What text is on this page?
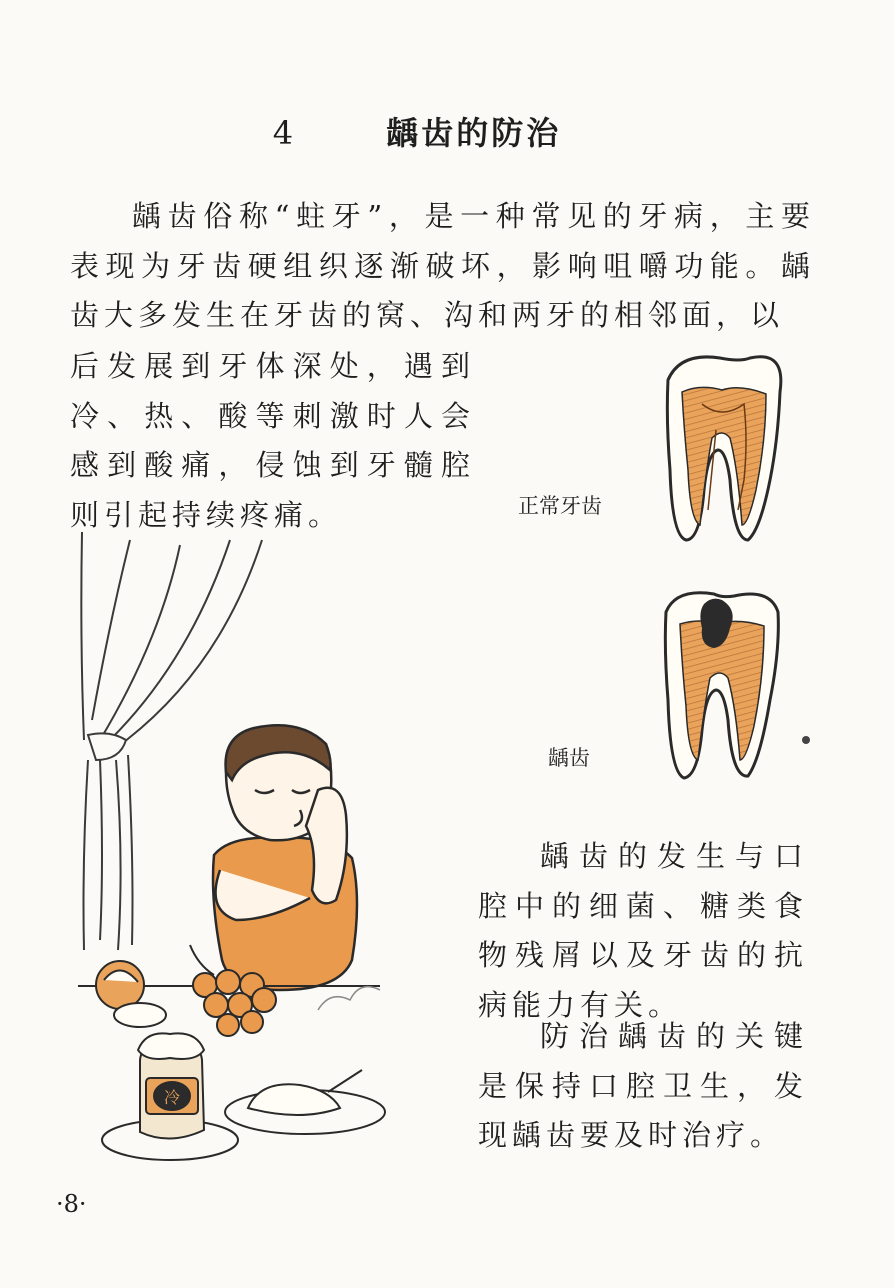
冷
4	龋齿的防治

龋齿俗称“蛀牙”，是一种常见的牙病，主要表现为牙齿硬组织逐渐破坏，影响咀嚼功能。龋齿大多发生在牙齿的窝、沟和两牙的相邻面，以

后发展到牙体深处，遇到冷、热、酸等刺激时人会感到酸痛，侵蚀到牙髓腔则引起持续疼痛。	正常牙齿
龋齿

龋齿的发生与口腔中的细菌、糖类食物残屑以及牙齿的抗病能力有关。

防治龋齿的关键是保持口腔卫生，发现龋齿要及时治疗。

·8·
